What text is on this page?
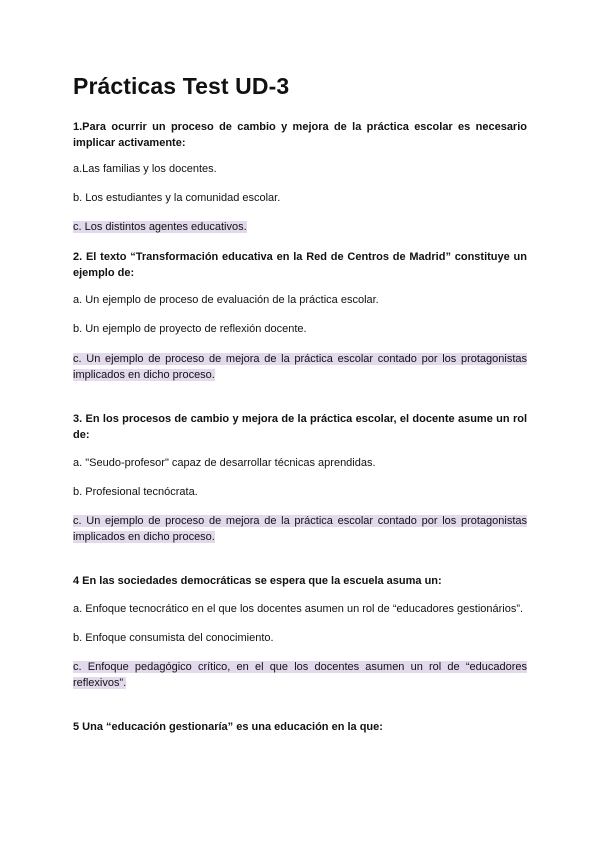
Prácticas Test UD-3
1.Para ocurrir un proceso de cambio y mejora de la práctica escolar es necesario implicar activamente:
a.Las familias y los docentes.
b. Los estudiantes y la comunidad escolar.
c. Los distintos agentes educativos.
2. El texto “Transformación educativa en la Red de Centros de Madrid” constituye un ejemplo de:
a. Un ejemplo de proceso de evaluación de la práctica escolar.
b. Un ejemplo de proyecto de reflexión docente.
c. Un ejemplo de proceso de mejora de la práctica escolar contado por los protagonistas implicados en dicho proceso.
3. En los procesos de cambio y mejora de la práctica escolar, el docente asume un rol de:
a. "Seudo-profesor" capaz de desarrollar técnicas aprendidas.
b. Profesional tecnócrata.
c. Un ejemplo de proceso de mejora de la práctica escolar contado por los protagonistas implicados en dicho proceso.
4 En las sociedades democráticas se espera que la escuela asuma un:
a. Enfoque tecnocrático en el que los docentes asumen un rol de “educadores gestionários”.
b. Enfoque consumista del conocimiento.
c. Enfoque pedagógico crítico, en el que los docentes asumen un rol de “educadores reflexivos”.
5 Una “educación gestionaría” es una educación en la que:
